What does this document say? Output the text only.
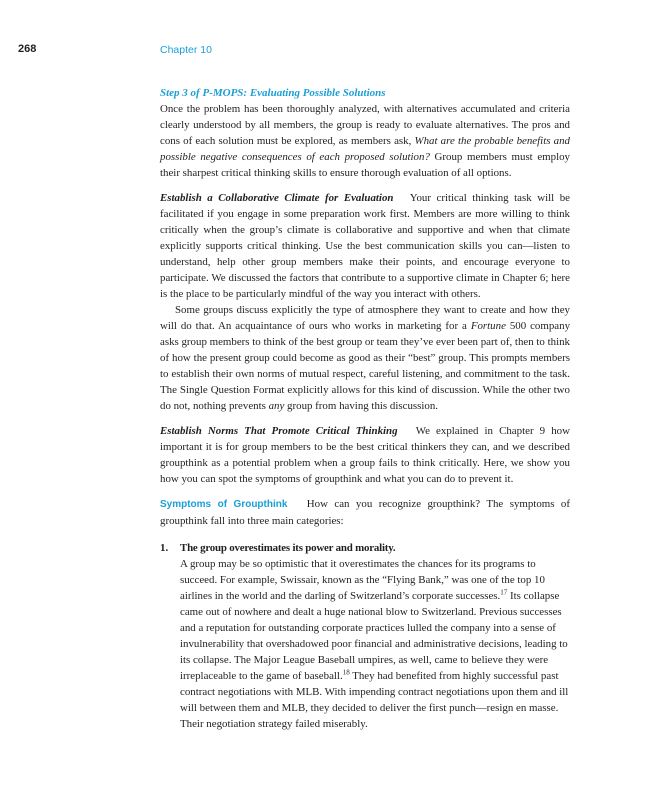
268	Chapter 10

Step 3 of P-MOPS: Evaluating Possible Solutions

Once the problem has been thoroughly analyzed, with alternatives accumulated and criteria clearly understood by all members, the group is ready to evaluate alternatives. The pros and cons of each solution must be explored, as members ask, What are the probable benefits and possible negative consequences of each proposed solution? Group members must employ their sharpest critical thinking skills to ensure thorough evaluation of all options.

Establish a Collaborative Climate for Evaluation Your critical thinking task will be facilitated if you engage in some preparation work first. Members are more willing to think critically when the group’s climate is collaborative and supportive and when that climate explicitly supports critical thinking. Use the best communication skills you can—listen to understand, help other group members make their points, and encourage everyone to participate. We discussed the factors that contribute to a supportive climate in Chapter 6; here is the place to be particularly mindful of the way you interact with others.

Some groups discuss explicitly the type of atmosphere they want to create and how they will do that. An acquaintance of ours who works in marketing for a Fortune 500 company asks group members to think of the best group or team they’ve ever been part of, then to think of how the present group could become as good as their “best” group. This prompts members to establish their own norms of mutual respect, careful listening, and commitment to the task. The Single Question Format explicitly allows for this kind of discussion. While the other two do not, nothing prevents any group from having this discussion.

Establish Norms That Promote Critical Thinking We explained in Chapter 9 how important it is for group members to be the best critical thinkers they can, and we described groupthink as a potential problem when a group fails to think critically. Here, we show you how you can spot the symptoms of groupthink and what you can do to prevent it.

Symptoms of Groupthink How can you recognize groupthink? The symptoms of groupthink fall into three main categories:

1. The group overestimates its power and morality.

A group may be so optimistic that it overestimates the chances for its programs to succeed. For example, Swissair, known as the “Flying Bank,” was one of the top 10 airlines in the world and the darling of Switzerland’s corporate successes.$^{17}$ Its collapse came out of nowhere and dealt a huge national blow to Switzerland. Previous successes and a reputation for outstanding corporate practices lulled the company into a sense of invulnerability that overshadowed poor financial and administrative decisions, leading to its collapse. The Major League Baseball umpires, as well, came to believe they were irreplaceable to the game of baseball.$^{18}$ They had benefited from highly successful past contract negotiations with MLB. With impending contract negotiations upon them and ill will between them and MLB, they decided to deliver the first punch—resign en masse. Their negotiation strategy failed miserably.
